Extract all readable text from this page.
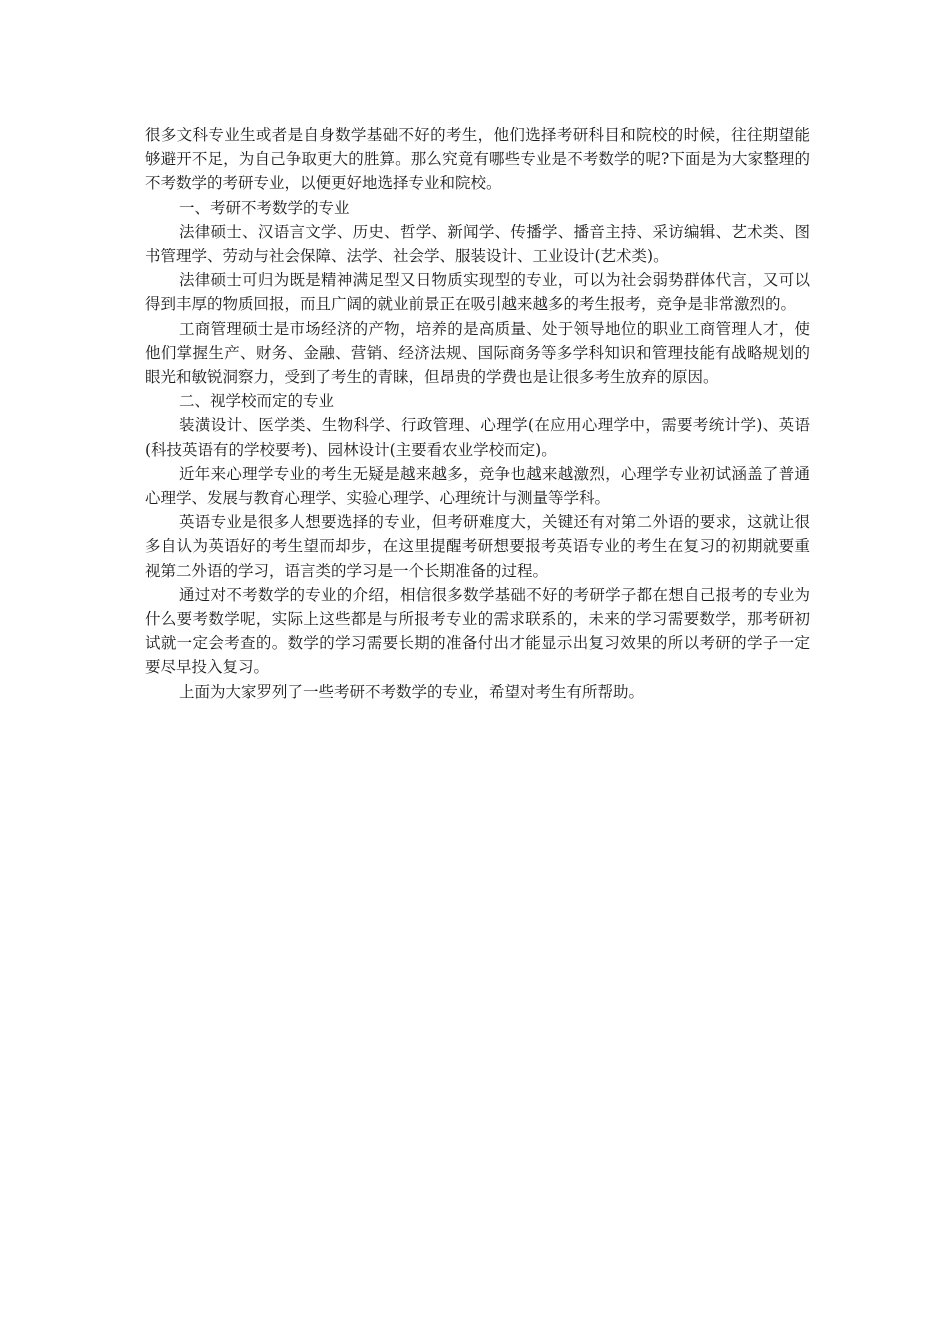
很多文科专业生或者是自身数学基础不好的考生，他们选择考研科目和院校的时候，往往期望能够避开不足，为自己争取更大的胜算。那么究竟有哪些专业是不考数学的呢?下面是为大家整理的不考数学的考研专业，以便更好地选择专业和院校。

一、考研不考数学的专业

法律硕士、汉语言文学、历史、哲学、新闻学、传播学、播音主持、采访编辑、艺术类、图书管理学、劳动与社会保障、法学、社会学、服装设计、工业设计(艺术类)。

法律硕士可归为既是精神满足型又日物质实现型的专业，可以为社会弱势群体代言，又可以得到丰厚的物质回报，而且广阔的就业前景正在吸引越来越多的考生报考，竞争是非常激烈的。

工商管理硕士是市场经济的产物，培养的是高质量、处于领导地位的职业工商管理人才，使他们掌握生产、财务、金融、营销、经济法规、国际商务等多学科知识和管理技能有战略规划的眼光和敏锐洞察力，受到了考生的青睐，但昂贵的学费也是让很多考生放弃的原因。

二、视学校而定的专业

装潢设计、医学类、生物科学、行政管理、心理学(在应用心理学中，需要考统计学)、英语(科技英语有的学校要考)、园林设计(主要看农业学校而定)。

近年来心理学专业的考生无疑是越来越多，竞争也越来越激烈，心理学专业初试涵盖了普通心理学、发展与教育心理学、实验心理学、心理统计与测量等学科。

英语专业是很多人想要选择的专业，但考研难度大，关键还有对第二外语的要求，这就让很多自认为英语好的考生望而却步，在这里提醒考研想要报考英语专业的考生在复习的初期就要重视第二外语的学习，语言类的学习是一个长期准备的过程。

通过对不考数学的专业的介绍，相信很多数学基础不好的考研学子都在想自己报考的专业为什么要考数学呢，实际上这些都是与所报考专业的需求联系的，未来的学习需要数学，那考研初试就一定会考查的。数学的学习需要长期的准备付出才能显示出复习效果的所以考研的学子一定要尽早投入复习。

上面为大家罗列了一些考研不考数学的专业，希望对考生有所帮助。
